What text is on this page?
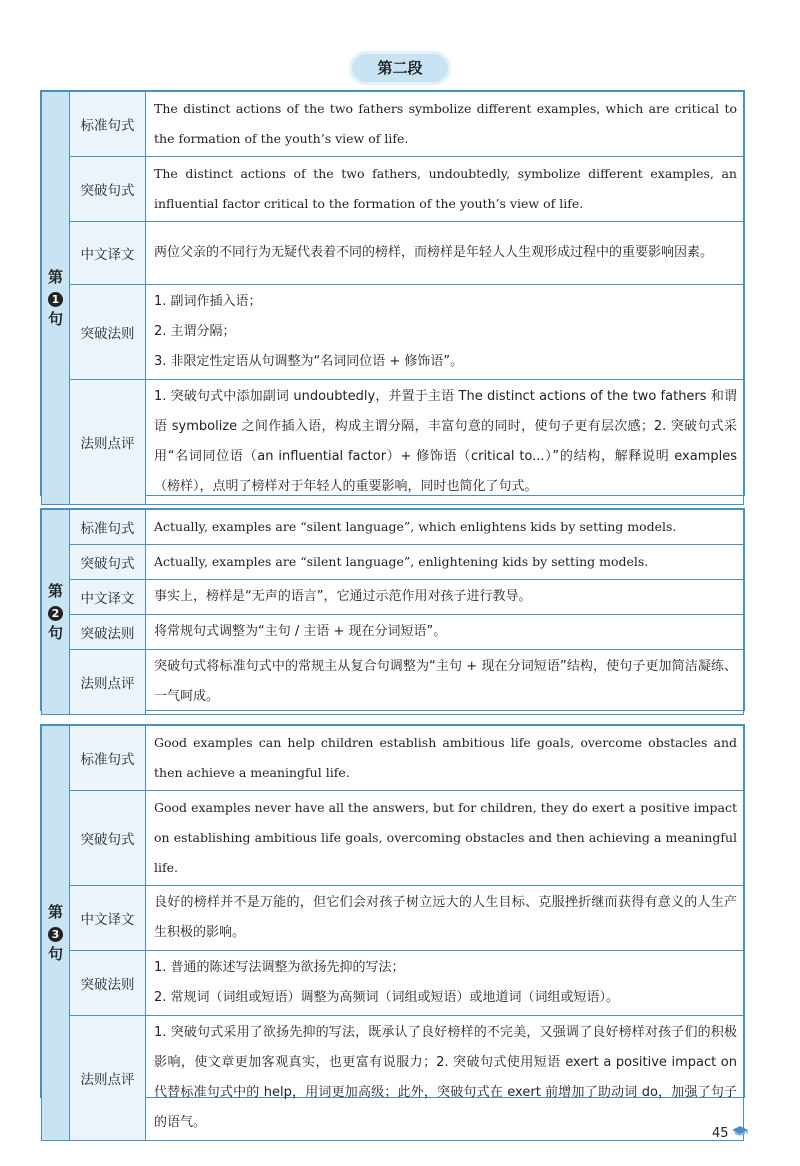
第二段
第
1
句	标准句式	The distinct actions of the two fathers symbolize different examples, which are critical to the formation of the youth’s view of life.

	突破句式	The distinct actions of the two fathers, undoubtedly, symbolize different examples, an influential factor critical to the formation of the youth’s view of life.

	中文译文	两位父亲的不同行为无疑代表着不同的榜样，而榜样是年轻人人生观形成过程中的重要影响因素。

	突破法则	1. 副词作插入语；

2. 主谓分隔；

3. 非限定性定语从句调整为“名词同位语 + 修饰语”。

	法则点评	1. 突破句式中添加副词 undoubtedly，并置于主语 The distinct actions of the two fathers 和谓语 symbolize 之间作插入语，构成主谓分隔，丰富句意的同时，使句子更有层次感；2. 突破句式采用“名词同位语（an influential factor）+ 修饰语（critical to...）”的结构，解释说明 examples（榜样），点明了榜样对于年轻人的重要影响，同时也简化了句式。

第
2
句	标准句式	Actually, examples are “silent language”, which enlightens kids by setting models.

	突破句式	Actually, examples are “silent language”, enlightening kids by setting models.

	中文译文	事实上，榜样是“无声的语言”，它通过示范作用对孩子进行教导。

	突破法则	将常规句式调整为“主句 / 主语 + 现在分词短语”。

	法则点评	突破句式将标准句式中的常规主从复合句调整为“主句 + 现在分词短语”结构，使句子更加简洁凝练、一气呵成。

第
3
句	标准句式	Good examples can help children establish ambitious life goals, overcome obstacles and then achieve a meaningful life.

	突破句式	Good examples never have all the answers, but for children, they do exert a positive impact on establishing ambitious life goals, overcoming obstacles and then achieving a meaningful life.

	中文译文	良好的榜样并不是万能的，但它们会对孩子树立远大的人生目标、克服挫折继而获得有意义的人生产生积极的影响。

	突破法则	1. 普通的陈述写法调整为欲扬先抑的写法；

2. 常规词（词组或短语）调整为高频词（词组或短语）或地道词（词组或短语）。

	法则点评	1. 突破句式采用了欲扬先抑的写法，既承认了良好榜样的不完美，又强调了良好榜样对孩子们的积极影响，使文章更加客观真实，也更富有说服力；2. 突破句式使用短语 exert a positive impact on 代替标准句式中的 help，用词更加高级；此外，突破句式在 exert 前增加了助动词 do，加强了句子的语气。

45
